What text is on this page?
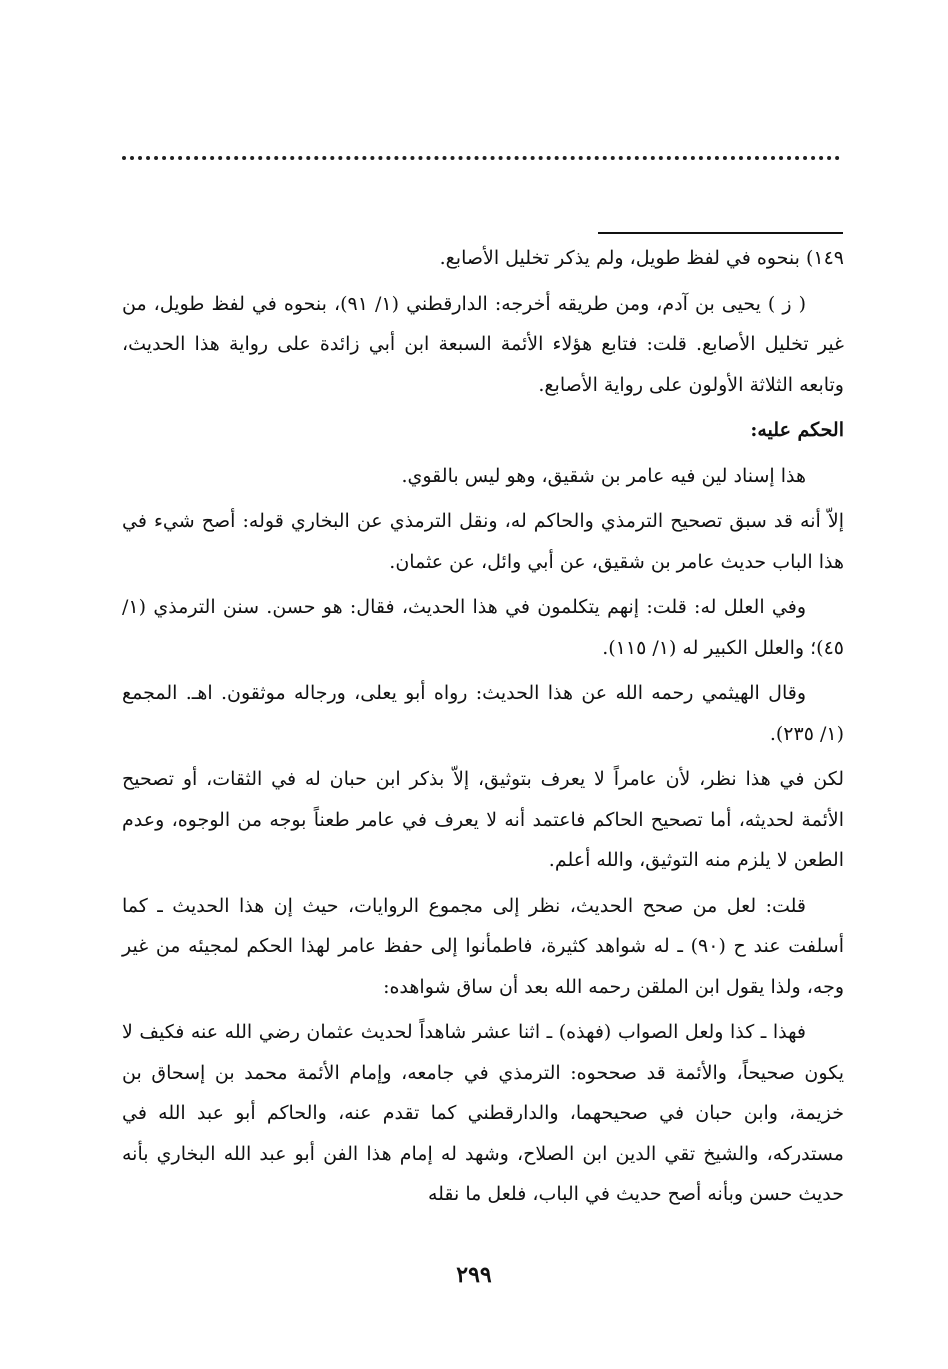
١٤٩) بنحوه في لفظ طويل، ولم يذكر تخليل الأصابع.

( ز ) يحيى بن آدم، ومن طريقه أخرجه: الدارقطني (١/ ٩١)، بنحوه في لفظ طويل، من غير تخليل الأصابع. قلت: فتابع هؤلاء الأئمة السبعة ابن أبي زائدة على رواية هذا الحديث، وتابعه الثلاثة الأولون على رواية الأصابع.

الحكم عليه:

هذا إسناد لين فيه عامر بن شقيق، وهو ليس بالقوي.

إلاّ أنه قد سبق تصحيح الترمذي والحاكم له، ونقل الترمذي عن البخاري قوله: أصح شيء في هذا الباب حديث عامر بن شقيق، عن أبي وائل، عن عثمان.

وفي العلل له: قلت: إنهم يتكلمون في هذا الحديث، فقال: هو حسن. سنن الترمذي (١/ ٤٥)؛ والعلل الكبير له (١/ ١١٥).

وقال الهيثمي رحمه الله عن هذا الحديث: رواه أبو يعلى، ورجاله موثقون. اهـ. المجمع (١/ ٢٣٥).

لكن في هذا نظر، لأن عامراً لا يعرف بتوثيق، إلاّ بذكر ابن حبان له في الثقات، أو تصحيح الأئمة لحديثه، أما تصحيح الحاكم فاعتمد أنه لا يعرف في عامر طعناً بوجه من الوجوه، وعدم الطعن لا يلزم منه التوثيق، والله أعلم.

قلت: لعل من صحح الحديث، نظر إلى مجموع الروايات، حيث إن هذا الحديث ـ كما أسلفت عند ح (٩٠) ـ له شواهد كثيرة، فاطمأنوا إلى حفظ عامر لهذا الحكم لمجيئه من غير وجه، ولذا يقول ابن الملقن رحمه الله بعد أن ساق شواهده:

فهذا ـ كذا ولعل الصواب (فهذه) ـ اثنا عشر شاهداً لحديث عثمان رضي الله عنه فكيف لا يكون صحيحاً، والأئمة قد صححوه: الترمذي في جامعه، وإمام الأئمة محمد بن إسحاق بن خزيمة، وابن حبان في صحيحهما، والدارقطني كما تقدم عنه، والحاكم أبو عبد الله في مستدركه، والشيخ تقي الدين ابن الصلاح، وشهد له إمام هذا الفن أبو عبد الله البخاري بأنه حديث حسن وبأنه أصح حديث في الباب، فلعل ما نقله

٢٩٩
